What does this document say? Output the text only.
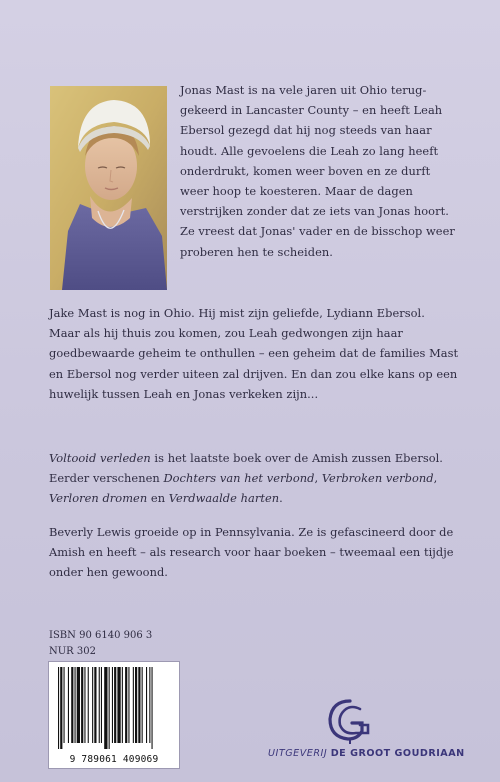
Jonas Mast is na vele jaren uit Ohio terug-
gekeerd in Lancaster County – en heeft Leah
Ebersol gezegd dat hij nog steeds van haar
houdt. Alle gevoelens die Leah zo lang heeft
onderdrukt, komen weer boven en ze durft
weer hoop te koesteren. Maar de dagen
verstrijken zonder dat ze iets van Jonas hoort.
Ze vreest dat Jonas' vader en de bisschop weer
proberen hen te scheiden.
Jake Mast is nog in Ohio. Hij mist zijn geliefde, Lydiann Ebersol.
Maar als hij thuis zou komen, zou Leah gedwongen zijn haar
goedbewaarde geheim te onthullen – een geheim dat de families Mast
en Ebersol nog verder uiteen zal drijven. En dan zou elke kans op een
huwelijk tussen Leah en Jonas verkeken zijn...
Voltooid verleden is het laatste boek over de Amish zussen Ebersol.
Eerder verschenen Dochters van het verbond, Verbroken verbond,
Verloren dromen en Verdwaalde harten.
Beverly Lewis groeide op in Pennsylvania. Ze is gefascineerd door de
Amish en heeft – als research voor haar boeken – tweemaal een tijdje
onder hen gewoond.
ISBN 90 6140 906 3
NUR 302
9 789061 409069
UITGEVERIJ DE GROOT GOUDRIAAN
